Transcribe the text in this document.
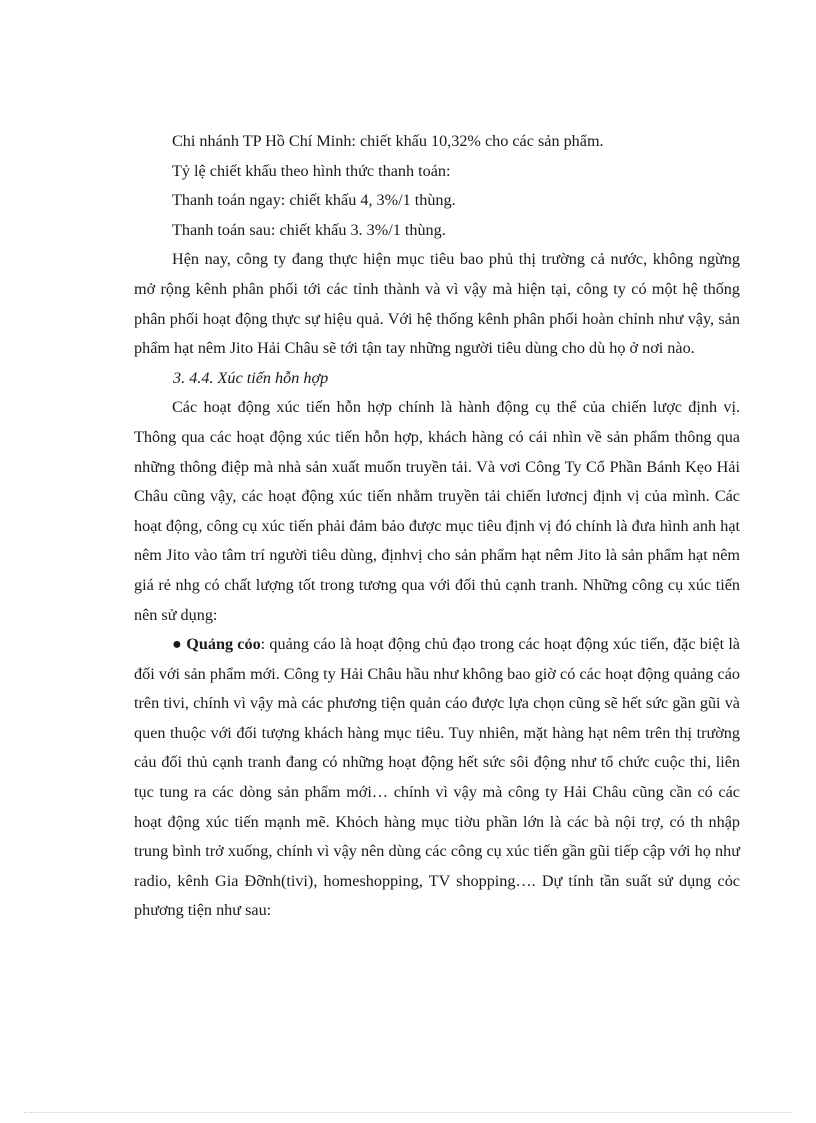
Chi nhánh TP Hồ Chí Minh: chiết khấu 10,32% cho các sản phẩm.

Tỷ lệ chiết khấu theo hình thức thanh toán:

Thanh toán ngay: chiết khấu 4, 3%/1 thùng.

Thanh toán sau: chiết khấu 3. 3%/1 thùng.

Hện nay, công ty đang thực hiện mục tiêu bao phủ thị trường cả nước, không ngừng mở rộng kênh phân phối tới các tỉnh thành và vì vậy mà hiện tại, công ty có một hệ thống phân phối hoạt động thực sự hiệu quả. Với hệ thống kênh phân phối hoàn chỉnh như vậy, sản phẩm hạt nêm Jito Hải Châu sẽ tới tận tay những người tiêu dùng cho dù họ ở nơi nào.

3. 4.4. Xúc tiến hỗn hợp

Các hoạt động xúc tiến hỗn hợp chính là hành động cụ thể của chiến lược định vị. Thông qua các hoạt động xúc tiến hỗn hợp, khách hàng có cái nhìn về sản phẩm thông qua những thông điệp mà nhà sản xuất muốn truyền tải. Và vơi Công Ty Cổ Phần Bánh Kẹo Hải Châu cũng vậy, các hoạt động xúc tiến nhằm truyền tải chiến lươncj định vị của mình. Các hoạt động, công cụ xúc tiến phải đảm bảo được mục tiêu định vị đó chính là đưa hình anh hạt nêm Jito vào tâm trí người tiêu dùng, địnhvị cho sản phẩm hạt nêm Jito là sản phẩm hạt nêm giá rẻ nhg có chất lượng tốt trong tương qua với đối thủ cạnh tranh. Những công cụ xúc tiến nên sử dụng:

● Quảng cỏo: quảng cáo là hoạt động chủ đạo trong các hoạt động xúc tiến, đặc biệt là đối với sản phẩm mới. Công ty Hải Châu hầu như không bao giờ có các hoạt động quảng cáo trên tivi, chính vì vậy mà các phương tiện quản cáo được lựa chọn cũng sẽ hết sức gần gũi và quen thuộc với đối tượng khách hàng mục tiêu. Tuy nhiên, mặt hàng hạt nêm trên thị trường cảu đối thủ cạnh tranh đang có những hoạt động hết sức sôi động như tổ chức cuộc thi, liên tục tung ra các dòng sản phẩm mới… chính vì vậy mà công ty Hải Châu cũng cần có các hoạt động xúc tiến mạnh mẽ. Khỏch hàng mục tiờu phần lớn là các bà nội trợ, có th nhập trung bình trở xuống, chính vì vậy nên dùng các công cụ xúc tiến gần gũi tiếp cập với họ như radio, kênh Gia Đỡnh(tivi), homeshopping, TV shopping…. Dự tính tần suất sử dụng cỏc phương tiện như sau:
